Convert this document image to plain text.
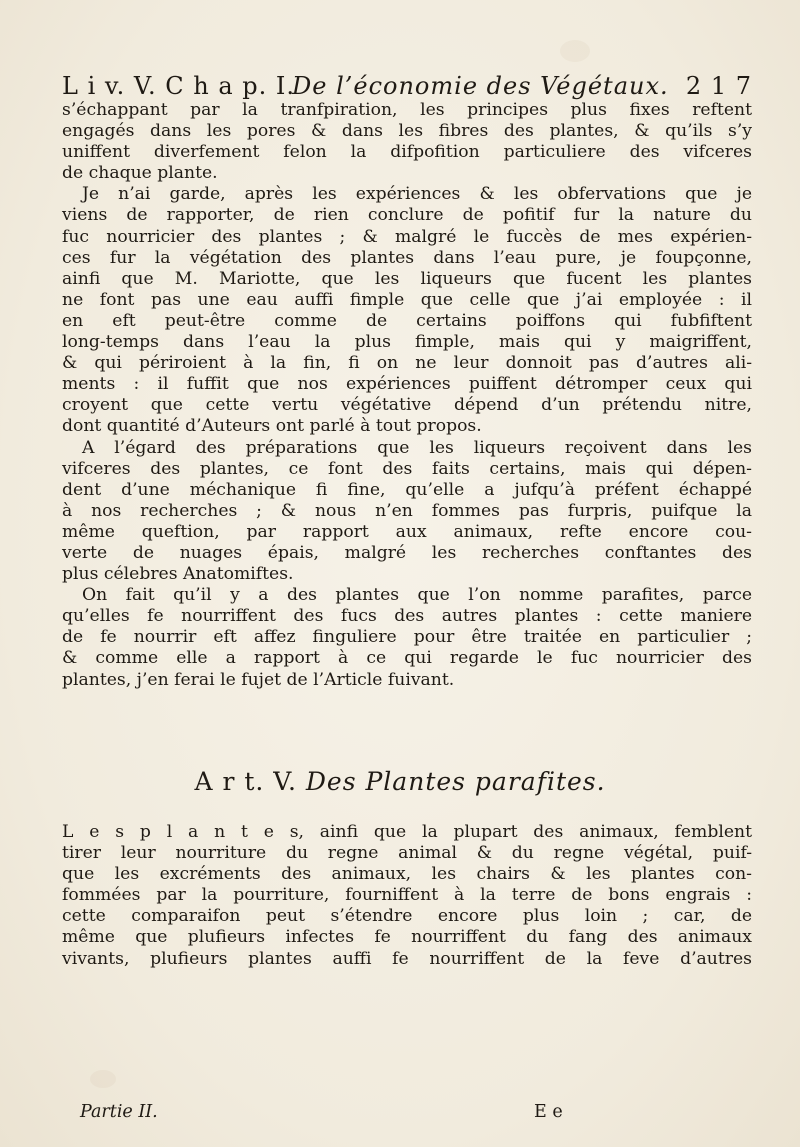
L i v. V. C h a p. I.
De l’économie des Végétaux. 2 1 7
s’échappant par la tranfpiration, les principes plus fixes reftent
engagés dans les pores & dans les fibres des plantes, & qu’ils s’y
uniffent diverfement felon la difpofition particuliere des vifceres
de chaque plante.
Je n’ai garde, après les expériences & les obfervations que je
viens de rapporter, de rien conclure de pofitif fur la nature du
fuc nourricier des plantes ; & malgré le fuccès de mes expérien-
ces fur la végétation des plantes dans l’eau pure, je foupçonne,
ainfi que M. Mariotte, que les liqueurs que fucent les plantes
ne font pas une eau auffi fimple que celle que j’ai employée : il
en eft peut-être comme de certains poiffons qui fubfiftent
long-temps dans l’eau la plus fimple, mais qui y maigriffent,
& qui périroient à la fin, fi on ne leur donnoit pas d’autres ali-
ments : il fuffit que nos expériences puiffent détromper ceux qui
croyent que cette vertu végétative dépend d’un prétendu nitre,
dont quantité d’Auteurs ont parlé à tout propos.
A l’égard des préparations que les liqueurs reçoivent dans les
vifceres des plantes, ce font des faits certains, mais qui dépen-
dent d’une méchanique fi fine, qu’elle a jufqu’à préfent échappé
à nos recherches ; & nous n’en fommes pas furpris, puifque la
même queftion, par rapport aux animaux, refte encore cou-
verte de nuages épais, malgré les recherches conftantes des
plus célebres Anatomiftes.
On fait qu’il y a des plantes que l’on nomme parafites, parce
qu’elles fe nourriffent des fucs des autres plantes : cette maniere
de fe nourrir eft affez finguliere pour être traitée en particulier ;
& comme elle a rapport à ce qui regarde le fuc nourricier des
plantes, j’en ferai le fujet de l’Article fuivant.
A r t. V. Des Plantes parafites.
L e s p l a n t e s, ainfi que la plupart des animaux, femblent
tirer leur nourriture du regne animal & du regne végétal, puif-
que les excréments des animaux, les chairs & les plantes con-
fommées par la pourriture, fourniffent à la terre de bons engrais :
cette comparaifon peut s’étendre encore plus loin ; car, de
même que plufieurs infectes fe nourriffent du fang des animaux
vivants, plufieurs plantes auffi fe nourriffent de la feve d’autres
Partie II.	E e
